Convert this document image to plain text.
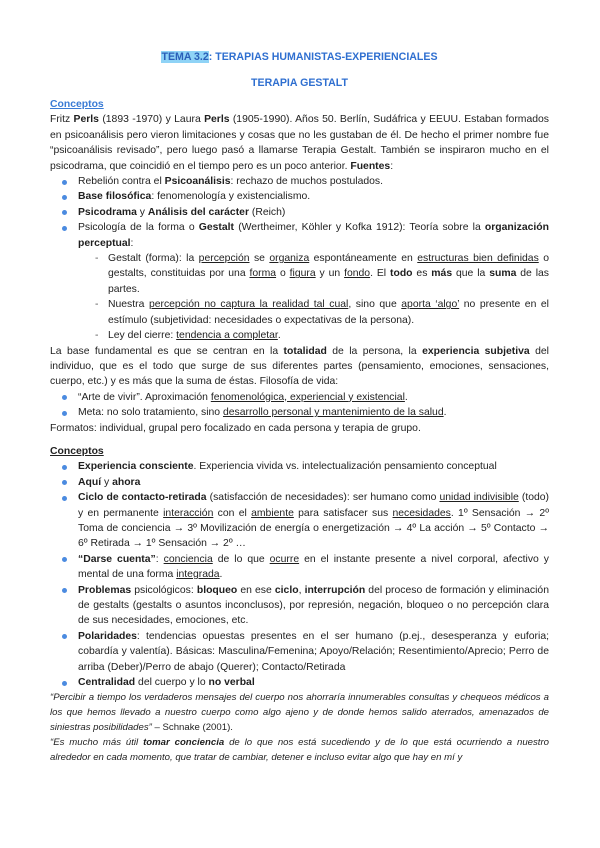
TEMA 3.2: TERAPIAS HUMANISTAS-EXPERIENCIALES
TERAPIA GESTALT
Conceptos

Fritz Perls (1893 -1970) y Laura Perls (1905-1990). Años 50. Berlín, Sudáfrica y EEUU. Estaban formados en psicoanálisis pero vieron limitaciones y cosas que no les gustaban de él. De hecho el primer nombre fue “psicoanálisis revisado”, pero luego pasó a llamarse Terapia Gestalt. También se inspiraron mucho en el psicodrama, que coincidió en el tiempo pero es un poco anterior. Fuentes:

Rebelión contra el Psicoanálisis: rechazo de muchos postulados.
Base filosófica: fenomenología y existencialismo.
Psicodrama y Análisis del carácter (Reich)
Psicología de la forma o Gestalt (Wertheimer, Köhler y Kofka 1912): Teoría sobre la organización perceptual:
- Gestalt (forma): la percepción se organiza espontáneamente en estructuras bien definidas o gestalts, constituidas por una forma o figura y un fondo. El todo es más que la suma de las partes.
- Nuestra percepción no captura la realidad tal cual, sino que aporta ‘algo’ no presente en el estímulo (subjetividad: necesidades o expectativas de la persona).
- Ley del cierre: tendencia a completar.

La base fundamental es que se centran en la totalidad de la persona, la experiencia subjetiva del individuo, que es el todo que surge de sus diferentes partes (pensamiento, emociones, sensaciones, cuerpo, etc.) y es más que la suma de éstas. Filosofía de vida:

“Arte de vivir”. Aproximación fenomenológica, experiencial y existencial.
Meta: no solo tratamiento, sino desarrollo personal y mantenimiento de la salud.

Formatos: individual, grupal pero focalizado en cada persona y terapia de grupo.

Conceptos
Experiencia consciente. Experiencia vivida vs. intelectualización pensamiento conceptual
Aquí y ahora
Ciclo de contacto-retirada (satisfacción de necesidades): ser humano como unidad indivisible (todo) y en permanente interacción con el ambiente para satisfacer sus necesidades. 1º Sensación → 2º Toma de conciencia → 3º Movilización de energía o energetización → 4º La acción → 5º Contacto → 6º Retirada → 1º Sensación → 2º …
“Darse cuenta”: conciencia de lo que ocurre en el instante presente a nivel corporal, afectivo y mental de una forma integrada.
Problemas psicológicos: bloqueo en ese ciclo, interrupción del proceso de formación y eliminación de gestalts (gestalts o asuntos inconclusos), por represión, negación, bloqueo o no percepción clara de sus necesidades, emociones, etc.
Polaridades: tendencias opuestas presentes en el ser humano (p.ej., desesperanza y euforia; cobardía y valentía). Básicas: Masculina/Femenina; Apoyo/Relación; Resentimiento/Aprecio; Perro de arriba (Deber)/Perro de abajo (Querer); Contacto/Retirada
Centralidad del cuerpo y lo no verbal

“Percibir a tiempo los verdaderos mensajes del cuerpo nos ahorraría innumerables consultas y chequeos médicos a los que hemos llevado a nuestro cuerpo como algo ajeno y de donde hemos salido aterrados, amenazados de siniestras posibilidades” – Schnake (2001).

“Es mucho más útil tomar conciencia de lo que nos está sucediendo y de lo que está ocurriendo a nuestro alrededor en cada momento, que tratar de cambiar, detener e incluso evitar algo que hay en mí y
